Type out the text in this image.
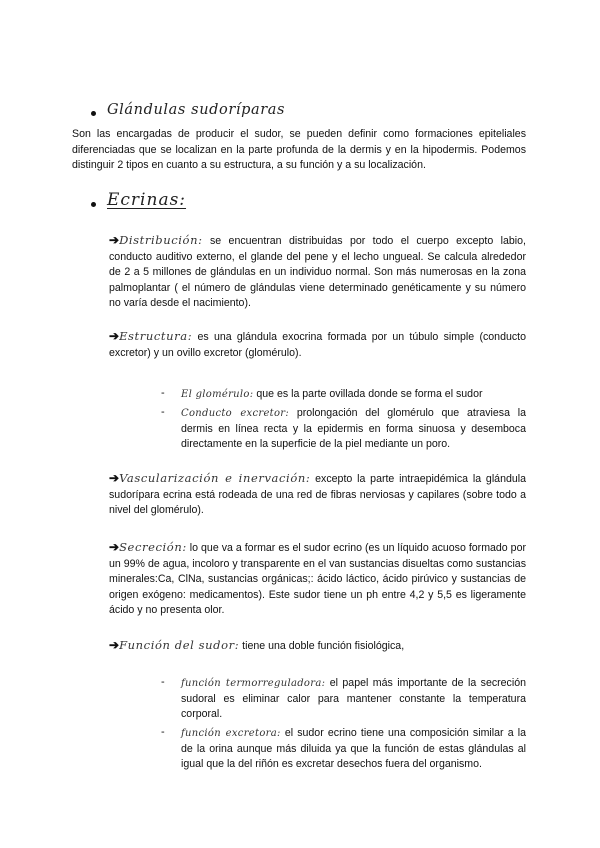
Glándulas sudoríparas

Son las encargadas de producir el sudor, se pueden definir como formaciones epiteliales diferenciadas que se localizan en la parte profunda de la dermis y en la hipodermis. Podemos distinguir 2 tipos en cuanto a su estructura, a su función y a su localización.

Ecrinas:

➔Distribución: se encuentran distribuidas por todo el cuerpo excepto labio, conducto auditivo externo, el glande del pene y el lecho ungueal. Se calcula alrededor de 2 a 5 millones de glándulas en un individuo normal. Son más numerosas en la zona palmoplantar ( el número de glándulas viene determinado genéticamente y su número no varía desde el nacimiento).

➔Estructura: es una glándula exocrina formada por un túbulo simple (conducto excretor) y un ovillo excretor (glomérulo).

- El glomérulo: que es la parte ovillada donde se forma el sudor

- Conducto excretor: prolongación del glomérulo que atraviesa la dermis en línea recta y la epidermis en forma sinuosa y desemboca directamente en la superficie de la piel mediante un poro.

➔Vascularización e inervación: excepto la parte intraepidémica la glándula sudorípara ecrina está rodeada de una red de fibras nerviosas y capilares (sobre todo a nivel del glomérulo).

➔Secreción: lo que va a formar es el sudor ecrino (es un líquido acuoso formado por un 99% de agua, incoloro y transparente en el van sustancias disueltas como sustancias minerales:Ca, ClNa, sustancias orgánicas;: ácido láctico, ácido pirúvico y sustancias de origen exógeno: medicamentos). Este sudor tiene un ph entre 4,2 y 5,5 es ligeramente ácido y no presenta olor.

➔Función del sudor: tiene una doble función fisiológica,

- función termorreguladora: el papel más importante de la secreción sudoral es eliminar calor para mantener constante la temperatura corporal.

- función excretora: el sudor ecrino tiene una composición similar a la de la orina aunque más diluida ya que la función de estas glándulas al igual que la del riñón es excretar desechos fuera del organismo.
